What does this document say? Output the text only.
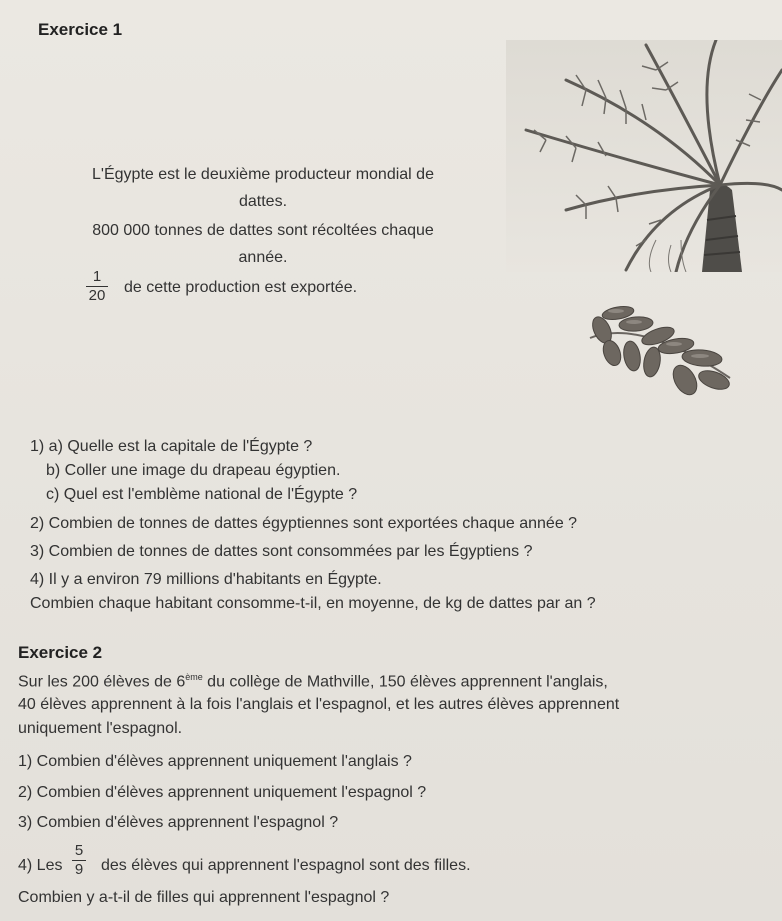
Exercice 1
L'Égypte est le deuxième producteur mondial de
dattes.
800 000 tonnes de dattes sont récoltées chaque
année.
1
20 de cette production est exportée.
1) a) Quelle est la capitale de l'Égypte ?
b) Coller une image du drapeau égyptien.
c) Quel est l'emblème national de l'Égypte ?
2) Combien de tonnes de dattes égyptiennes sont exportées chaque année ?
3) Combien de tonnes de dattes sont consommées par les Égyptiens ?
4) Il y a environ 79 millions d'habitants en Égypte.
Combien chaque habitant consomme-t-il, en moyenne, de kg de dattes par an ?
Exercice 2
Sur les 200 élèves de 6ème du collège de Mathville, 150 élèves apprennent l'anglais,
40 élèves apprennent à la fois l'anglais et l'espagnol, et les autres élèves apprennent
uniquement l'espagnol.
1) Combien d'élèves apprennent uniquement l'anglais ?
2) Combien d'élèves apprennent uniquement l'espagnol ?
3) Combien d'élèves apprennent l'espagnol ?
4) Les
5
9 des élèves qui apprennent l'espagnol sont des filles.
Combien y a-t-il de filles qui apprennent l'espagnol ?
